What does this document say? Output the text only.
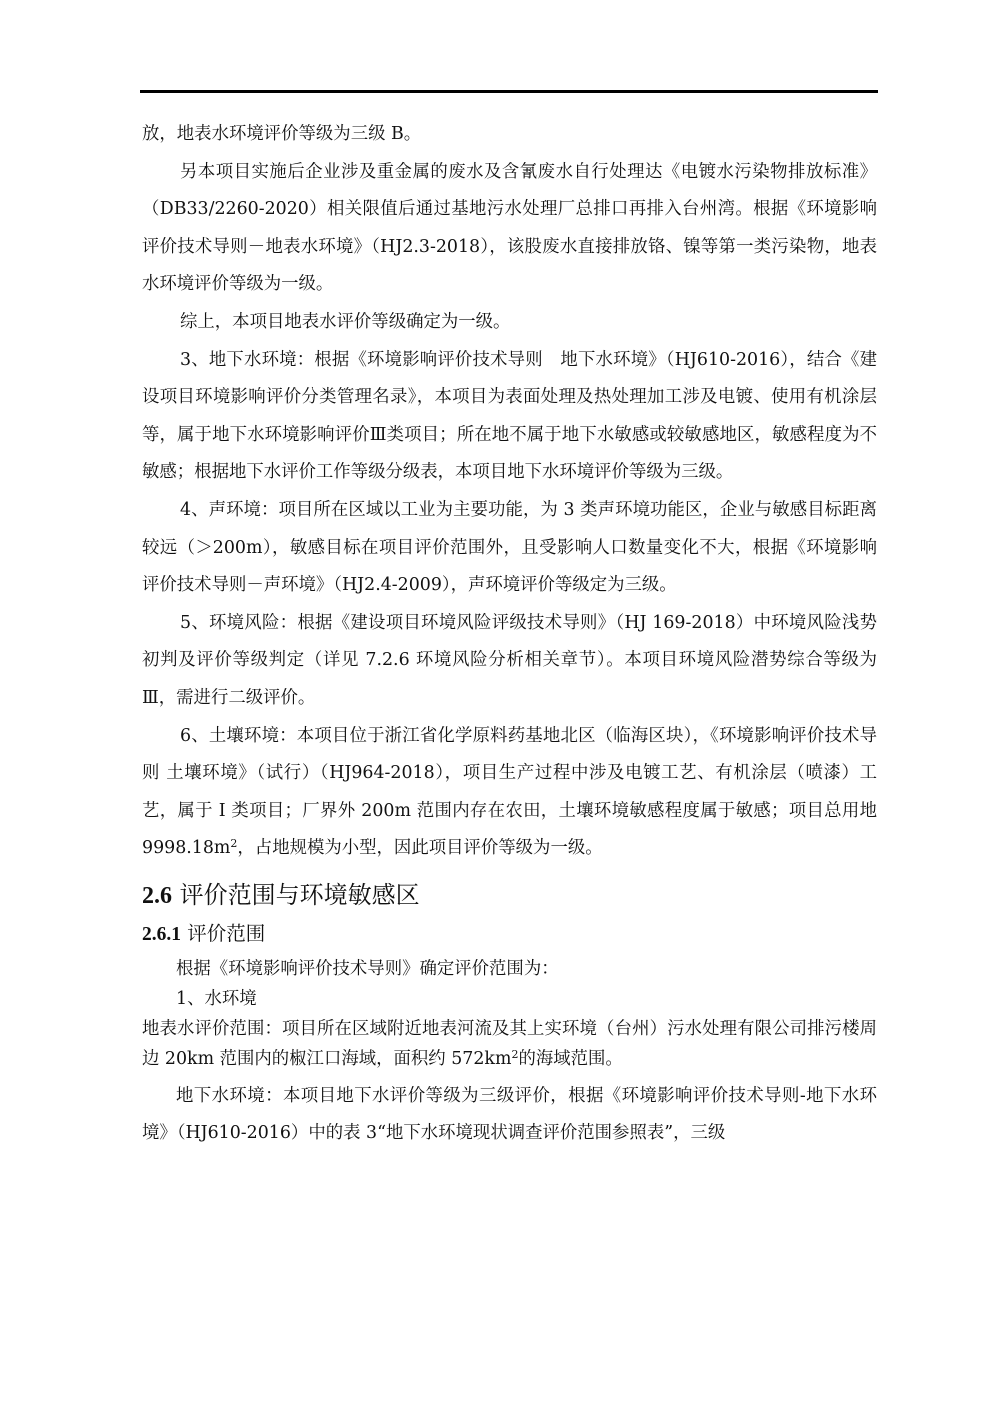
放，地表水环境评价等级为三级 B。

另本项目实施后企业涉及重金属的废水及含氰废水自行处理达《电镀水污染物排放标准》（DB33/2260-2020）相关限值后通过基地污水处理厂总排口再排入台州湾。根据《环境影响评价技术导则－地表水环境》（HJ2.3-2018），该股废水直接排放铬、镍等第一类污染物，地表水环境评价等级为一级。

综上，本项目地表水评价等级确定为一级。

3、地下水环境：根据《环境影响评价技术导则　地下水环境》（HJ610-2016），结合《建设项目环境影响评价分类管理名录》，本项目为表面处理及热处理加工涉及电镀、使用有机涂层等，属于地下水环境影响评价Ⅲ类项目；所在地不属于地下水敏感或较敏感地区，敏感程度为不敏感；根据地下水评价工作等级分级表，本项目地下水环境评价等级为三级。

4、声环境：项目所在区域以工业为主要功能，为 3 类声环境功能区，企业与敏感目标距离较远（＞200m），敏感目标在项目评价范围外，且受影响人口数量变化不大，根据《环境影响评价技术导则－声环境》（HJ2.4-2009），声环境评价等级定为三级。

5、环境风险：根据《建设项目环境风险评级技术导则》（HJ 169-2018）中环境风险浅势初判及评价等级判定（详见 7.2.6 环境风险分析相关章节）。本项目环境风险潜势综合等级为Ⅲ，需进行二级评价。

6、土壤环境：本项目位于浙江省化学原料药基地北区（临海区块），《环境影响评价技术导则 土壤环境》（试行）（HJ964-2018），项目生产过程中涉及电镀工艺、有机涂层（喷漆）工艺，属于 I 类项目；厂界外 200m 范围内存在农田，土壤环境敏感程度属于敏感；项目总用地 $9998.18m^2$，占地规模为小型，因此项目评价等级为一级。

2.6 评价范围与环境敏感区
2.6.1 评价范围

根据《环境影响评价技术导则》确定评价范围为：

1、水环境

地表水评价范围：项目所在区域附近地表河流及其上实环境（台州）污水处理有限公司排污楼周边 20km 范围内的椒江口海域，面积约 $572km^2$的海域范围。

地下水环境：本项目地下水评价等级为三级评价，根据《环境影响评价技术导则-地下水环境》（HJ610-2016）中的表 3“地下水环境现状调查评价范围参照表”，三级
